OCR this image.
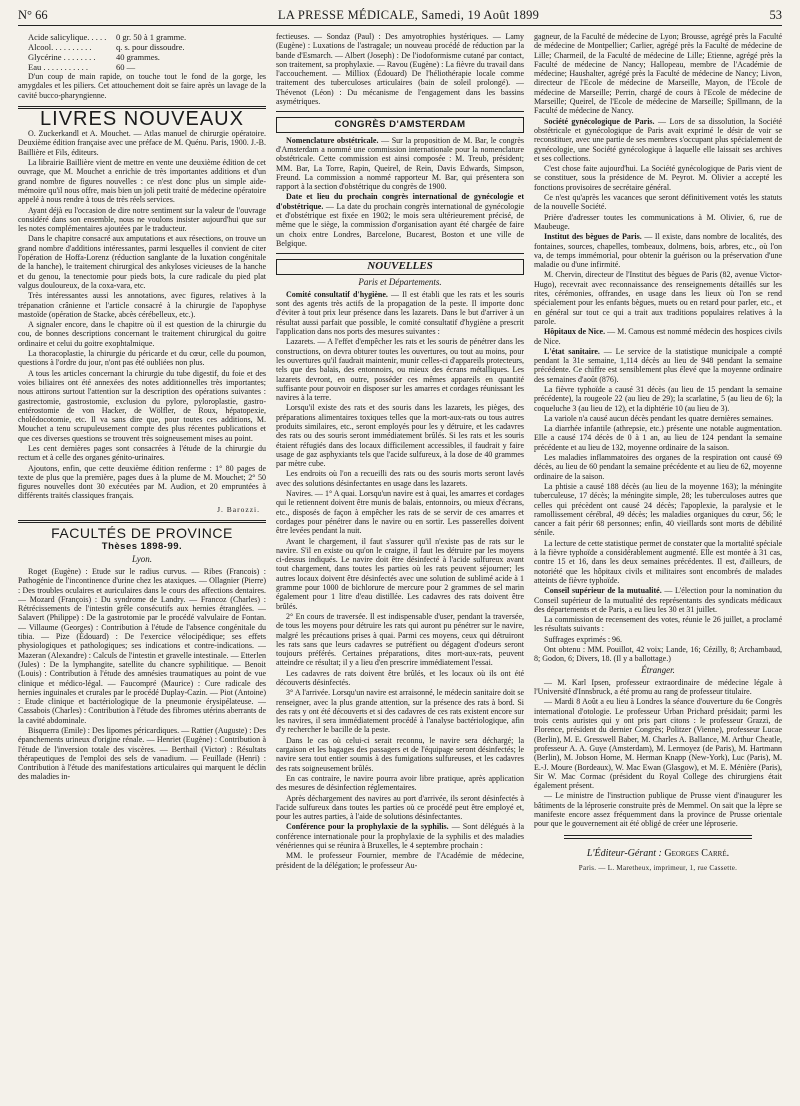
N° 66	LA PRESSE MÉDICALE, Samedi, 19 Août 1899	53
Acide salicylique. . . . .	0 gr. 50 à 1 gramme.
Alcool. . . . . . . . . .	q. s. pour dissoudre.
Glycérine . . . . . . . .	40 grammes.
Eau . . . . . . . . . . .	60 —

D'un coup de main rapide, on touche tout le fond de la gorge, les amygdales et les piliers. Cet attouchement doit se faire après un lavage de la cavité bucco-pharyngienne.

LIVRES NOUVEAUX

O. Zuckerkandl et A. Mouchet. — Atlas manuel de chirurgie opératoire. Deuxième édition française avec une préface de M. Quénu. Paris, 1900. J.-B. Baillière et Fils, éditeurs.

La librairie Baillière vient de mettre en vente une deuxième édition de cet ouvrage, que M. Mouchet a enrichie de très importantes additions et d'un grand nombre de figures nouvelles : ce n'est donc plus un simple aide-mémoire qu'il nous offre, mais bien un joli petit traité de médecine opératoire appelé à nous rendre à tous de très réels services.

Ayant déjà eu l'occasion de dire notre sentiment sur la valeur de l'ouvrage considéré dans son ensemble, nous ne voulons insister aujourd'hui que sur les notes complémentaires ajoutées par le traducteur.

Dans le chapitre consacré aux amputations et aux résections, on trouve un grand nombre d'additions intéressantes, parmi lesquelles il convient de citer l'opération de Hoffa-Lorenz (réduction sanglante de la luxation congénitale de la hanche), le traitement chirurgical des ankyloses vicieuses de la hanche et du genou, la tenectomie pour pieds bots, la cure radicale du pied plat valgus douloureux, de la coxa-vara, etc.

Très intéressantes aussi les annotations, avec figures, relatives à la trépanation crânienne et l'article consacré à la chirurgie de l'apophyse mastoïde (opération de Stacke, abcès cérébelleux, etc.).

A signaler encore, dans le chapitre où il est question de la chirurgie du cou, de bonnes descriptions concernant le traitement chirurgical du goitre ordinaire et celui du goitre exophtalmique.

La thoracoplastie, la chirurgie du péricarde et du cœur, celle du poumon, questions à l'ordre du jour, n'ont pas été oubliées non plus.

A tous les articles concernant la chirurgie du tube digestif, du foie et des voies biliaires ont été annexées des notes additionnelles très importantes; nous attirons surtout l'attention sur la description des opérations suivantes : gastrectomie, gastrostomie, exclusion du pylore, pyloroplastie, gastro-entérostomie de von Hacker, de Wölfler, de Roux, hépatopexie, cholédocotomie, etc. Il va sans dire que, pour toutes ces additions, M. Mouchet a tenu scrupuleusement compte des plus récentes publications et que ces diverses questions se trouvent très soigneusement mises au point.

Les cent dernières pages sont consacrées à l'étude de la chirurgie du rectum et à celle des organes génito-urinaires.

Ajoutons, enfin, que cette deuxième édition renferme : 1° 80 pages de texte de plus que la première, pages dues à la plume de M. Mouchet; 2° 50 figures nouvelles dont 30 exécutées par M. Audion, et 20 empruntées à différents traités classiques français.

J. Barozzi.
FACULTÉS DE PROVINCE
Thèses 1898-99.
Lyon.

Roget (Eugène) : Etude sur le radius curvus. — Ribes (Francois) : Pathogénie de l'incontinence d'urine chez les ataxiques. — Ollagnier (Pierre) : Des troubles oculaires et auriculaires dans le cours des affections dentaires. — Mozard (François) : Du syndrome de Landry. — Francoz (Charles) : Rétrécissements de l'intestin grêle consécutifs aux hernies étranglées. — Salavert (Philippe) : De la gastrotomie par le procédé valvulaire de Fontan. — Villaume (Georges) : Contribution à l'étude de l'absence congénitale du tibia. — Pize (Édouard) : De l'exercice vélocipédique; ses effets physiologiques et pathologiques; ses indications et contre-indications. — Mazeran (Alexandre) : Calculs de l'intestin et gravelle intestinale. — Etterlen (Jules) : De la lymphangite, satellite du chancre syphilitique. — Benoit (Louis) : Contribution à l'étude des amnésies traumatiques au point de vue clinique et médico-légal. — Faucompré (Maurice) : Cure radicale des hernies inguinales et crurales par le procédé Duplay-Cazin. — Piot (Antoine) : Etude clinique et bactériologique de la pneumonie érysipélateuse. — Cassabois (Charles) : Contribution à l'étude des fibromes utérins aberrants de la cavité abdominale.

Bisquerra (Emile) : Des lipomes péricardiques. — Rattier (Auguste) : Des épanchements urineux d'origine rénale. — Henriet (Eugène) : Contribution à l'étude de l'inversion totale des viscères. — Berthail (Victor) : Résultats thérapeutiques de l'emploi des sels de vanadium. — Feuillade (Henri) : Contribution à l'étude des manifestations articulaires qui marquent le déclin des maladies in-

fectieuses. — Sondaz (Paul) : Des amyotrophies hystériques. — Lamy (Eugène) : Luxations de l'astragale; un nouveau procédé de réduction par la bande d'Esmarch. — Albert (Joseph) : De l'iodoformisme cutané par contact, son traitement, sa prophylaxie. — Ravou (Eugène) : La fièvre du travail dans l'accouchement. — Milliox (Édouard) De l'héliothérapie locale comme traitement des tuberculoses articulaires (bain de soleil prolongé). — Thévenot (Léon) : Du mécanisme de l'engagement dans les bassins asymétriques.

CONGRÈS D'AMSTERDAM

Nomenclature obstétricale. — Sur la proposition de M. Bar, le congrès d'Amsterdam a nommé une commission internationale pour la nomenclature obstétricale. Cette commission est ainsi composée : M. Treub, président; MM. Bar, La Torre, Rapin, Queirel, de Rein, Davis Edwards, Simpson, Freund. La commission a nommé rapporteur M. Bar, qui présentera son rapport à la section d'obstétrique du congrès de 1900.

Date et lieu du prochain congrès international de gynécologie et d'obstétrique. — La date du prochain congrès international de gynécologie et d'obstétrique est fixée en 1902; le mois sera ultérieurement précisé, de même que le siège, la commission d'organisation ayant été chargée de faire un choix entre Londres, Barcelone, Bucarest, Boston et une ville de Belgique.

NOUVELLES
Paris et Départements.

Comité consultatif d'hygiène. — Il est établi que les rats et les souris sont des agents très actifs de la propagation de la peste. Il importe donc d'éviter à tout prix leur présence dans les lazarets. Dans le but d'arriver à un résultat aussi parfait que possible, le comité consultatif d'hygiène a prescrit l'application dans nos ports des mesures suivantes :

Lazarets. — A l'effet d'empêcher les rats et les souris de pénétrer dans les constructions, on devra obturer toutes les ouvertures, ou tout au moins, pour les ouvertures qu'il faudrait maintenir, munir celles-ci d'appareils protecteurs, tels que des balais, des entonnoirs, ou mieux des écrans métalliques. Les lazarets devront, en outre, posséder ces mêmes appareils en quantité suffisante pour pouvoir en disposer sur les amarres et cordages réunissant les navires à la terre.

Lorsqu'il existe des rats et des souris dans les lazarets, les pièges, des préparations alimentaires toxiques telles que la mort-aux-rats ou tous autres produits similaires, etc., seront employés pour les y détruire, et les cadavres des rats ou des souris seront immédiatement brûlés. Si les rats et les souris étaient réfugiés dans des locaux difficilement accessibles, il faudrait y faire usage de gaz asphyxiants tels que l'acide sulfureux, à la dose de 40 grammes par mètre cube.

Les endroits où l'on a recueilli des rats ou des souris morts seront lavés avec des solutions désinfectantes en usage dans les lazarets.

Navires. — 1° A quai. Lorsqu'un navire est à quai, les amarres et cordages qui le retiennent doivent être munis de balais, entonnoirs, ou mieux d'écrans, etc., disposés de façon à empêcher les rats de se servir de ces amarres et cordages pour pénétrer dans le navire ou en sortir. Les passerelles doivent être levées pendant la nuit.

Avant le chargement, il faut s'assurer qu'il n'existe pas de rats sur le navire. S'il en existe ou qu'on le craigne, il faut les détruire par les moyens ci-dessus indiqués. Le navire doit être désinfecté à l'acide sulfureux avant tout chargement, dans toutes les parties où les rats peuvent séjourner; les autres locaux doivent être désinfectés avec une solution de sublimé acide à 1 gramme pour 1000 de bichlorure de mercure pour 2 grammes de sel marin également pour 1 litre d'eau distillée. Les cadavres des rats doivent être brûlés.

2° En cours de traversée. Il est indispensable d'user, pendant la traversée, de tous les moyens pour détruire les rats qui auront pu pénétrer sur le navire, malgré les précautions prises à quai. Parmi ces moyens, ceux qui détruiront les rats sans que leurs cadavres se putréfient ou dégagent d'odeurs seront toujours préférés. Certaines préparations, dites mort-aux-rats, peuvent atteindre ce résultat; il y a lieu d'en prescrire immédiatement l'essai.

Les cadavres de rats doivent être brûlés, et les locaux où ils ont été découverts désinfectés.

3° A l'arrivée. Lorsqu'un navire est arraisonné, le médecin sanitaire doit se renseigner, avec la plus grande attention, sur la présence des rats à bord. Si des rats y ont été découverts et si des cadavres de ces rats existent encore sur les navires, il sera immédiatement procédé à l'analyse bactériologique, afin d'y rechercher le bacille de la peste.

Dans le cas où celui-ci serait reconnu, le navire sera déchargé; la cargaison et les bagages des passagers et de l'équipage seront désinfectés; le navire sera tout entier soumis à des fumigations sulfureuses, et les cadavres des rats soigneusement brûlés.

En cas contraire, le navire pourra avoir libre pratique, après application des mesures de désinfection réglementaires.

Après déchargement des navires au port d'arrivée, ils seront désinfectés à l'acide sulfureux dans toutes les parties où ce procédé peut être employé et, pour les autres parties, à l'aide de solutions désinfectantes.

Conférence pour la prophylaxie de la syphilis. — Sont délégués à la conférence internationale pour la prophylaxie de la syphilis et des maladies vénériennes qui se réunira à Bruxelles, le 4 septembre prochain :

MM. le professeur Fournier, membre de l'Académie de médecine, président de la délégation; le professeur Au-

gagneur, de la Faculté de médecine de Lyon; Brousse, agrégé près la Faculté de médecine de Montpellier; Carlier, agrégé près la Faculté de médecine de Lille; Charmeil, de la Faculté de médecine de Lille; Etienne, agrégé près la Faculté de médecine de Nancy; Hallopeau, membre de l'Académie de médecine; Haushalter, agrégé près la Faculté de médecine de Nancy; Livon, directeur de l'Ecole de médecine de Marseille, Mayon, de l'Ecole de médecine de Marseille; Perrin, chargé de cours à l'Ecole de médecine de Marseille; Queirel, de l'Ecole de médecine de Marseille; Spillmann, de la Faculté de médecine de Nancy.

Société gynécologique de Paris. — Lors de sa dissolution, la Société obstétricale et gynécologique de Paris avait exprimé le désir de voir se reconstituer, avec une partie de ses membres s'occupant plus spécialement de gynécologie, une Société gynécologique à laquelle elle laissait ses archives et ses collections.

C'est chose faite aujourd'hui. La Société gynécologique de Paris vient de se constituer, sous la présidence de M. Peyrot. M. Olivier a accepté les fonctions provisoires de secrétaire général.

Ce n'est qu'après les vacances que seront définitivement votés les statuts de la nouvelle Société.

Prière d'adresser toutes les communications à M. Olivier, 6, rue de Maubeuge.

Institut des bègues de Paris. — Il existe, dans nombre de localités, des fontaines, sources, chapelles, tombeaux, dolmens, bois, arbres, etc., où l'on va, de temps immémorial, pour obtenir la guérison ou la préservation d'une maladie ou d'une infirmité.

M. Chervin, directeur de l'Institut des bègues de Paris (82, avenue Victor-Hugo), recevrait avec reconnaissance des renseignements détaillés sur les rites, cérémonies, offrandes, en usage dans les lieux où l'on se rend spécialement pour les enfants bègues, muets ou en retard pour parler, etc., et en général sur tout ce qui a trait aux traditions populaires relatives à la parole.

Hôpitaux de Nice. — M. Camous est nommé médecin des hospices civils de Nice.

L'état sanitaire. — Le service de la statistique municipale a compté pendant la 31e semaine, 1,114 décès au lieu de 948 pendant la semaine précédente. Ce chiffre est sensiblement plus élevé que la moyenne ordinaire des semaines d'août (876).

La fièvre typhoïde a causé 31 décès (au lieu de 15 pendant la semaine précédente), la rougeole 22 (au lieu de 29); la scarlatine, 5 (au lieu de 6); la coqueluche 3 (au lieu de 12), et la diphtérie 10 (au lieu de 3).

La variole n'a causé aucun décès pendant les quatre dernières semaines.

La diarrhée infantile (athrepsie, etc.) présente une notable augmentation. Elle a causé 174 décès de 0 à 1 an, au lieu de 124 pendant la semaine précédente et au lieu de 132, moyenne ordinaire de la saison.

Les maladies inflammatoires des organes de la respiration ont causé 69 décès, au lieu de 60 pendant la semaine précédente et au lieu de 62, moyenne ordinaire de la saison.

La phtisie a causé 188 décès (au lieu de la moyenne 163); la méningite tuberculeuse, 17 décès; la méningite simple, 28; les tuberculoses autres que celles qui précèdent ont causé 24 décès; l'apoplexie, la paralysie et le ramollissement cérébral, 49 décès; les maladies organiques du cœur, 56; le cancer a fait périr 68 personnes; enfin, 40 vieillards sont morts de débilité sénile.

La lecture de cette statistique permet de constater que la mortalité spéciale à la fièvre typhoïde a considérablement augmenté. Elle est montée à 31 cas, contre 15 et 16, dans les deux semaines précédentes. Il est, d'ailleurs, de notoriété que les hôpitaux civils et militaires sont encombrés de malades atteints de fièvre typhoïde.

Conseil supérieur de la mutualité. — L'élection pour la nomination du Conseil supérieur de la mutualité des représentants des syndicats médicaux des départements et de Paris, a eu lieu les 30 et 31 juillet.

La commission de recensement des votes, réunie le 26 juillet, a proclamé les résultats suivants :

Suffrages exprimés : 96.

Ont obtenu : MM. Pouillot, 42 voix; Lande, 16; Cézilly, 8; Archambaud, 8; Godon, 6; Divers, 18. (Il y a ballottage.)

Étranger.

— M. Karl Ipsen, professeur extraordinaire de médecine légale à l'Université d'Innsbruck, a été promu au rang de professeur titulaire.

— Mardi 8 Août a eu lieu à Londres la séance d'ouverture du 6e Congrès international d'otologie. Le professeur Urban Prichard présidait; parmi les trois cents auristes qui y ont pris part citons : le professeur Grazzi, de Florence, président du dernier Congrès; Politzer (Vienne), professeur Lucae (Berlin), M. E. Gresswell Baber, M. Charles A. Ballance, M. Arthur Cheatle, professeur A. A. Guye (Amsterdam), M. Lermoyez (de Paris), M. Hartmann (Berlin), M. Jobson Horne, M. Herman Knapp (New-York), Luc (Paris), M. E.-J. Moure (Bordeaux), W. Mac Ewan (Glasgow), et M. E. Ménière (Paris), Sir W. Mac Cormac (président du Royal College des chirurgiens était également présent.

— Le ministre de l'instruction publique de Prusse vient d'inaugurer les bâtiments de la léproserie construite près de Memmel. On sait que la lèpre se manifeste encore assez fréquemment dans la province de Prusse orientale pour que le gouvernement ait été obligé de créer une léproserie.

L'Éditeur-Gérant : Georges Carré.
Paris. — L. Maretheux, imprimeur, 1, rue Cassette.
